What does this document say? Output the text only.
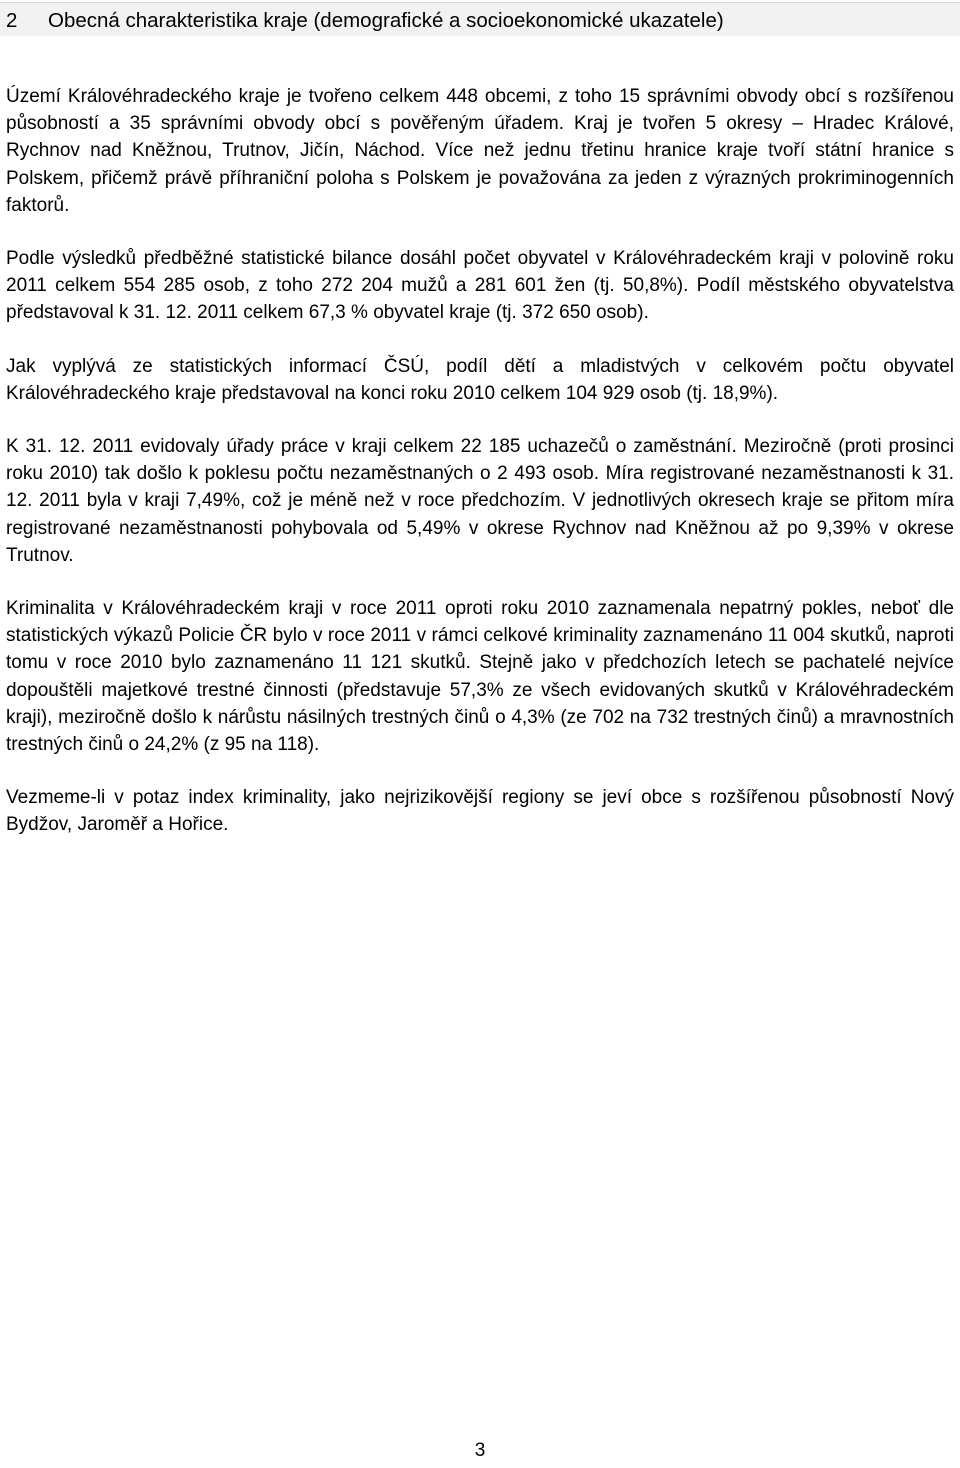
2 Obecná charakteristika kraje (demografické a socioekonomické ukazatele)

Území Královéhradeckého kraje je tvořeno celkem 448 obcemi, z toho 15 správními obvody obcí s rozšířenou působností a 35 správními obvody obcí s pověřeným úřadem. Kraj je tvořen 5 okresy – Hradec Králové, Rychnov nad Kněžnou, Trutnov, Jičín, Náchod. Více než jednu třetinu hranice kraje tvoří státní hranice s Polskem, přičemž právě příhraniční poloha s Polskem je považována za jeden z výrazných prokriminogenních faktorů.

Podle výsledků předběžné statistické bilance dosáhl počet obyvatel v Královéhradeckém kraji v polovině roku 2011 celkem 554 285 osob, z toho 272 204 mužů a 281 601 žen (tj. 50,8%). Podíl městského obyvatelstva představoval k 31. 12. 2011 celkem 67,3 % obyvatel kraje (tj. 372 650 osob).

Jak vyplývá ze statistických informací ČSÚ, podíl dětí a mladistvých v celkovém počtu obyvatel Královéhradeckého kraje představoval na konci roku 2010 celkem 104 929 osob (tj. 18,9%).

K 31. 12. 2011 evidovaly úřady práce v kraji celkem 22 185 uchazečů o zaměstnání. Meziročně (proti prosinci roku 2010) tak došlo k poklesu počtu nezaměstnaných o 2 493 osob. Míra registrované nezaměstnanosti k 31. 12. 2011 byla v kraji 7,49%, což je méně než v roce předchozím. V jednotlivých okresech kraje se přitom míra registrované nezaměstnanosti pohybovala od 5,49% v okrese Rychnov nad Kněžnou až po 9,39% v okrese Trutnov.

Kriminalita v Královéhradeckém kraji v roce 2011 oproti roku 2010 zaznamenala nepatrný pokles, neboť dle statistických výkazů Policie ČR bylo v roce 2011 v rámci celkové kriminality zaznamenáno 11 004 skutků, naproti tomu v roce 2010 bylo zaznamenáno 11 121 skutků. Stejně jako v předchozích letech se pachatelé nejvíce dopouštěli majetkové trestné činnosti (představuje 57,3% ze všech evidovaných skutků v Královéhradeckém kraji), meziročně došlo k nárůstu násilných trestných činů o 4,3% (ze 702 na 732 trestných činů) a mravnostních trestných činů o 24,2% (z 95 na 118).

Vezmeme-li v potaz index kriminality, jako nejrizikovější regiony se jeví obce s rozšířenou působností Nový Bydžov, Jaroměř a Hořice.

3
